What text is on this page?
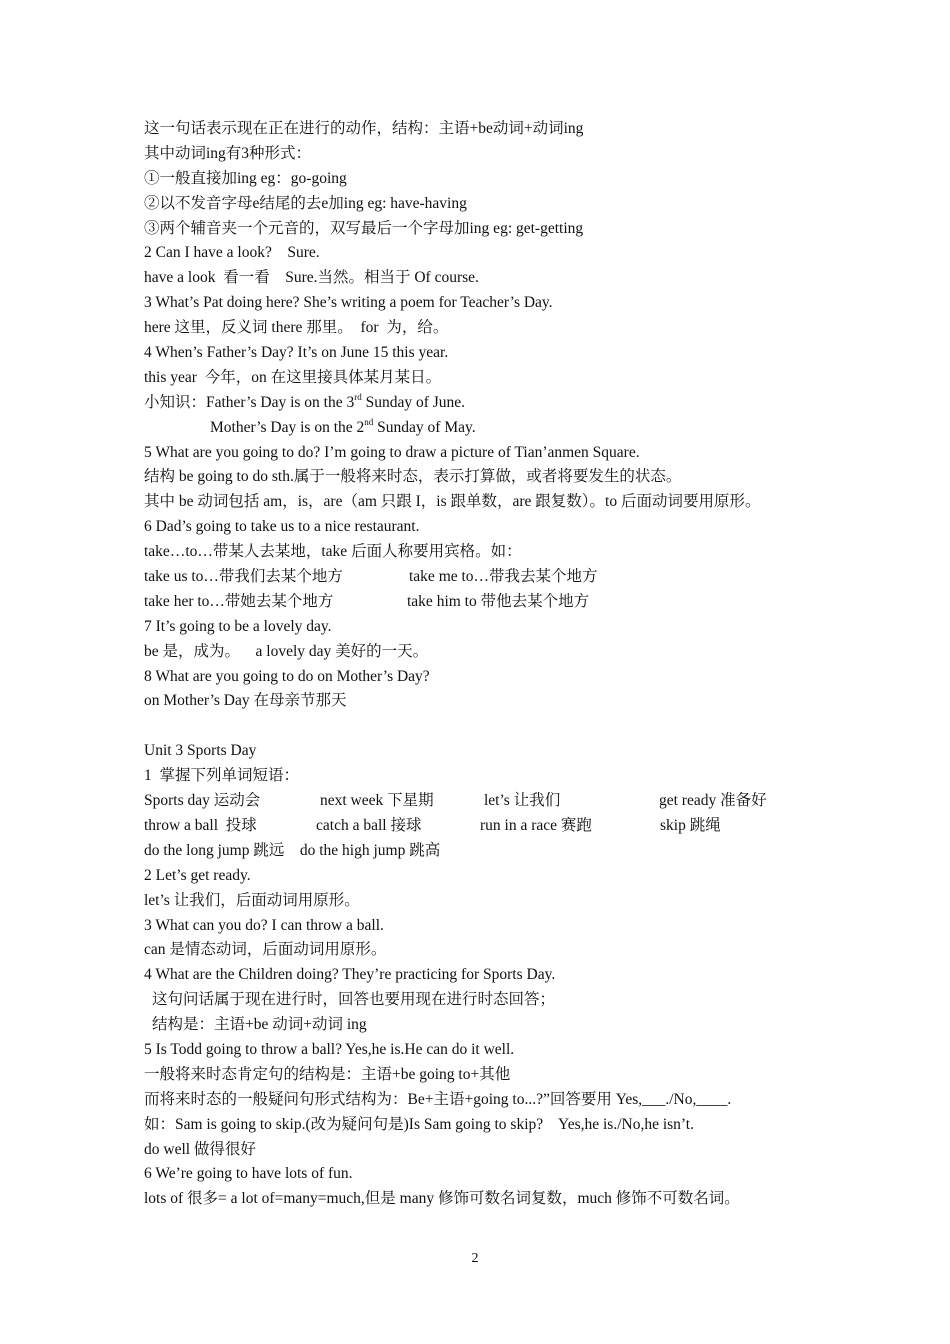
这一句话表示现在正在进行的动作，结构：主语+be动词+动词ing
其中动词ing有3种形式：
①一般直接加ing eg：go-going
②以不发音字母e结尾的去e加ing eg: have-having
③两个辅音夹一个元音的，双写最后一个字母加ing eg: get-getting
2 Can I have a look?    Sure.
have a look  看一看    Sure.当然。相当于 Of course.
3 What’s Pat doing here? She’s writing a poem for Teacher’s Day.
here 这里，反义词 there 那里。  for  为，给。
4 When’s Father’s Day? It’s on June 15 this year.
this year  今年，on 在这里接具体某月某日。
小知识：Father’s Day is on the 3rd Sunday of June.
Mother’s Day is on the 2nd Sunday of May.
5 What are you going to do? I’m going to draw a picture of Tian’anmen Square.
结构 be going to do sth.属于一般将来时态，表示打算做，或者将要发生的状态。
其中 be 动词包括 am，is，are（am 只跟 I，is 跟单数，are 跟复数）。to 后面动词要用原形。
6 Dad’s going to take us to a nice restaurant.
take…to…带某人去某地，take 后面人称要用宾格。如：
take us to…带我们去某个地方	take me to…带我去某个地方
take her to…带她去某个地方	take him to 带他去某个地方
7 It’s going to be a lovely day.
be 是，成为。    a lovely day 美好的一天。
8 What are you going to do on Mother’s Day?
on Mother’s Day 在母亲节那天
Unit 3 Sports Day
1  掌握下列单词短语：
Sports day 运动会	next week 下星期	let’s 让我们	get ready 准备好
throw a ball  投球	catch a ball 接球	run in a race 赛跑	skip 跳绳
do the long jump 跳远    do the high jump 跳高
2 Let’s get ready.
let’s 让我们，后面动词用原形。
3 What can you do? I can throw a ball.
can 是情态动词，后面动词用原形。
4 What are the Children doing? They’re practicing for Sports Day.
这句问话属于现在进行时，回答也要用现在进行时态回答；
结构是：主语+be 动词+动词 ing
5 Is Todd going to throw a ball? Yes,he is.He can do it well.
一般将来时态肯定句的结构是：主语+be going to+其他
而将来时态的一般疑问句形式结构为：Be+主语+going to...?”回答要用 Yes,___./No,____.
如：Sam is going to skip.(改为疑问句是)Is Sam going to skip?    Yes,he is./No,he isn’t.
do well 做得很好
6 We’re going to have lots of fun.
lots of 很多= a lot of=many=much,但是 many 修饰可数名词复数，much 修饰不可数名词。
2
